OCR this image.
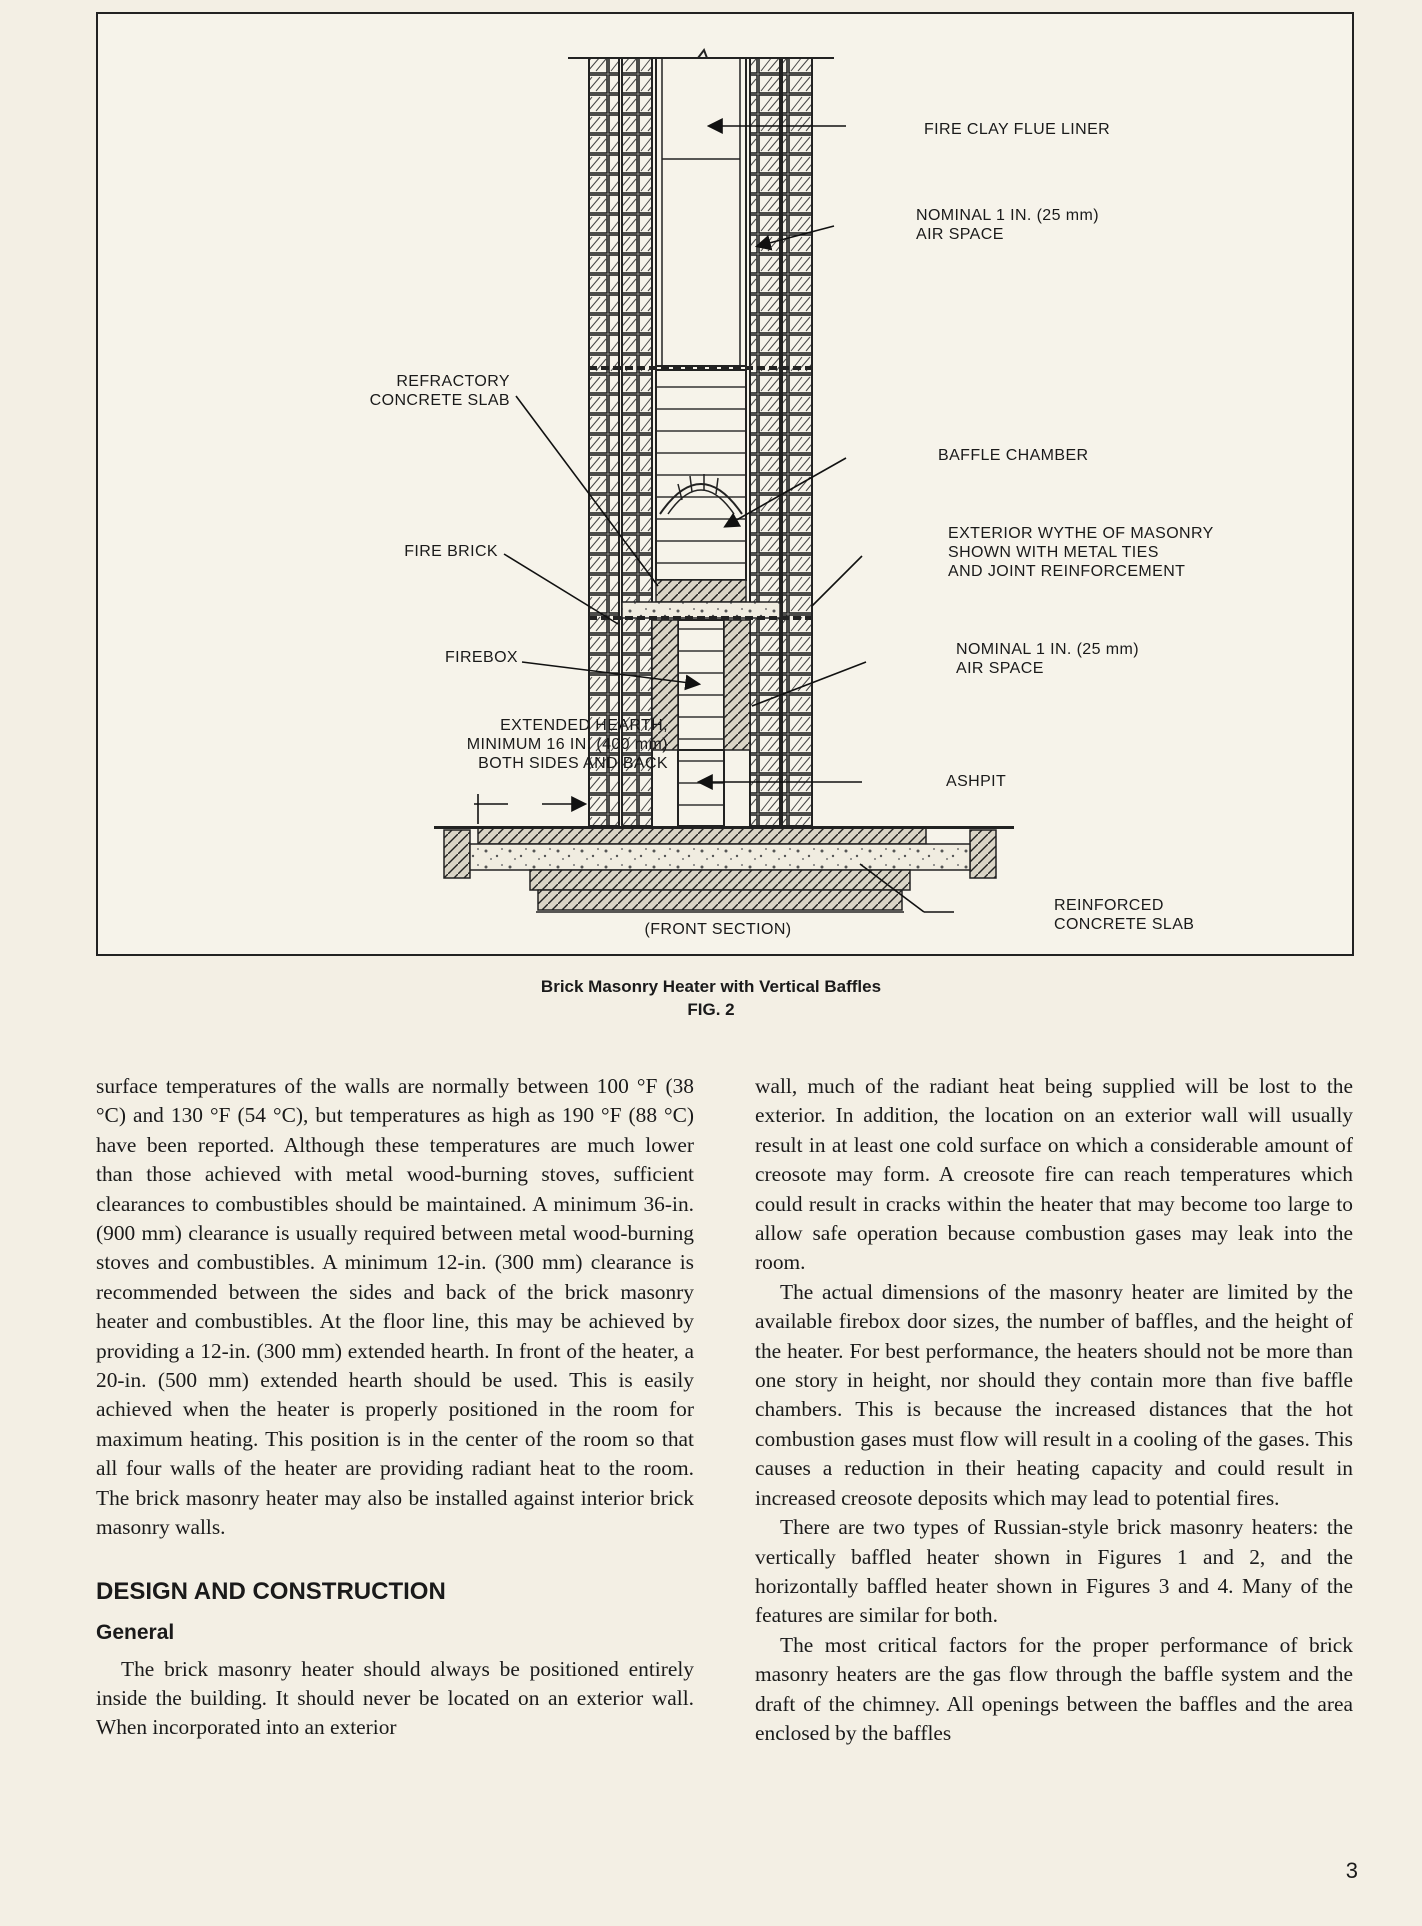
FIRE CLAY FLUE LINER
NOMINAL 1 IN. (25 mm)
AIR SPACE
REFRACTORY
CONCRETE SLAB
BAFFLE CHAMBER
EXTERIOR WYTHE OF MASONRY
SHOWN WITH METAL TIES
AND JOINT REINFORCEMENT
FIRE BRICK
NOMINAL 1 IN. (25 mm)
AIR SPACE
FIREBOX
EXTENDED HEARTH,
MINIMUM 16 IN. (400 mm)
BOTH SIDES AND BACK
ASHPIT
REINFORCED
CONCRETE SLAB
(FRONT SECTION)
Brick Masonry Heater with Vertical Baffles
FIG. 2

surface temperatures of the walls are normally between 100 °F (38 °C) and 130 °F (54 °C), but temperatures as high as 190 °F (88 °C) have been reported. Although these temperatures are much lower than those achieved with metal wood-burning stoves, sufficient clearances to combustibles should be maintained. A minimum 36-in. (900 mm) clearance is usually required between metal wood-burning stoves and combustibles. A minimum 12-in. (300 mm) clearance is recommended between the sides and back of the brick masonry heater and combustibles. At the floor line, this may be achieved by providing a 12-in. (300 mm) extended hearth. In front of the heater, a 20-in. (500 mm) extended hearth should be used. This is easily achieved when the heater is properly positioned in the room for maximum heating. This position is in the center of the room so that all four walls of the heater are providing radiant heat to the room. The brick masonry heater may also be installed against interior brick masonry walls.

DESIGN AND CONSTRUCTION
General

The brick masonry heater should always be positioned entirely inside the building. It should never be located on an exterior wall. When incorporated into an exterior

wall, much of the radiant heat being supplied will be lost to the exterior. In addition, the location on an exterior wall will usually result in at least one cold surface on which a considerable amount of creosote may form. A creosote fire can reach temperatures which could result in cracks within the heater that may become too large to allow safe operation because combustion gases may leak into the room.

The actual dimensions of the masonry heater are limited by the available firebox door sizes, the number of baffles, and the height of the heater. For best performance, the heaters should not be more than one story in height, nor should they contain more than five baffle chambers. This is because the increased distances that the hot combustion gases must flow will result in a cooling of the gases. This causes a reduction in their heating capacity and could result in increased creosote deposits which may lead to potential fires.

There are two types of Russian-style brick masonry heaters: the vertically baffled heater shown in Figures 1 and 2, and the horizontally baffled heater shown in Figures 3 and 4. Many of the features are similar for both.

The most critical factors for the proper performance of brick masonry heaters are the gas flow through the baffle system and the draft of the chimney. All openings between the baffles and the area enclosed by the baffles

3
